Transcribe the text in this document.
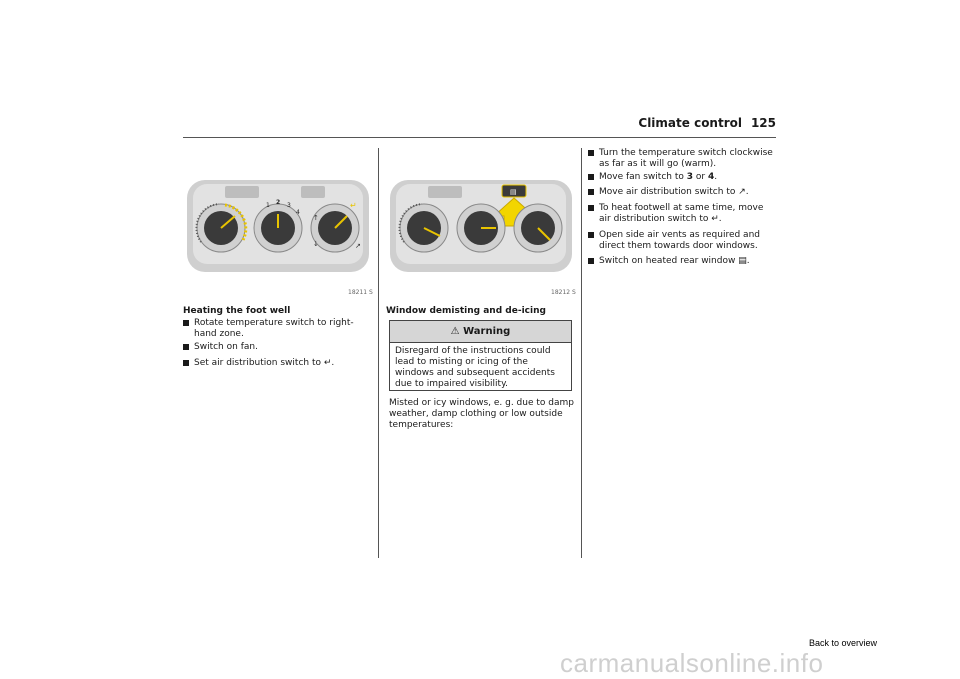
Climate control 125
1 2 3
4
↵
↑
↓	↗
18211 S
▤
18212 S
Heating the foot well
Rotate temperature switch to right-hand zone.
Switch on fan.
Set air distribution switch to ↵.
Window demisting and de-icing
⚠ Warning
Disregard of the instructions could lead to misting or icing of the windows and subsequent accidents due to impaired visibility.
Misted or icy windows, e. g. due to damp weather, damp clothing or low outside temperatures:
Turn the temperature switch clockwise as far as it will go (warm).
Move fan switch to 3 or 4.
Move air distribution switch to ↗.
To heat footwell at same time, move air distribution switch to ↵.
Open side air vents as required and direct them towards door windows.
Switch on heated rear window ▤.
Back to overview
carmanualsonline.info
